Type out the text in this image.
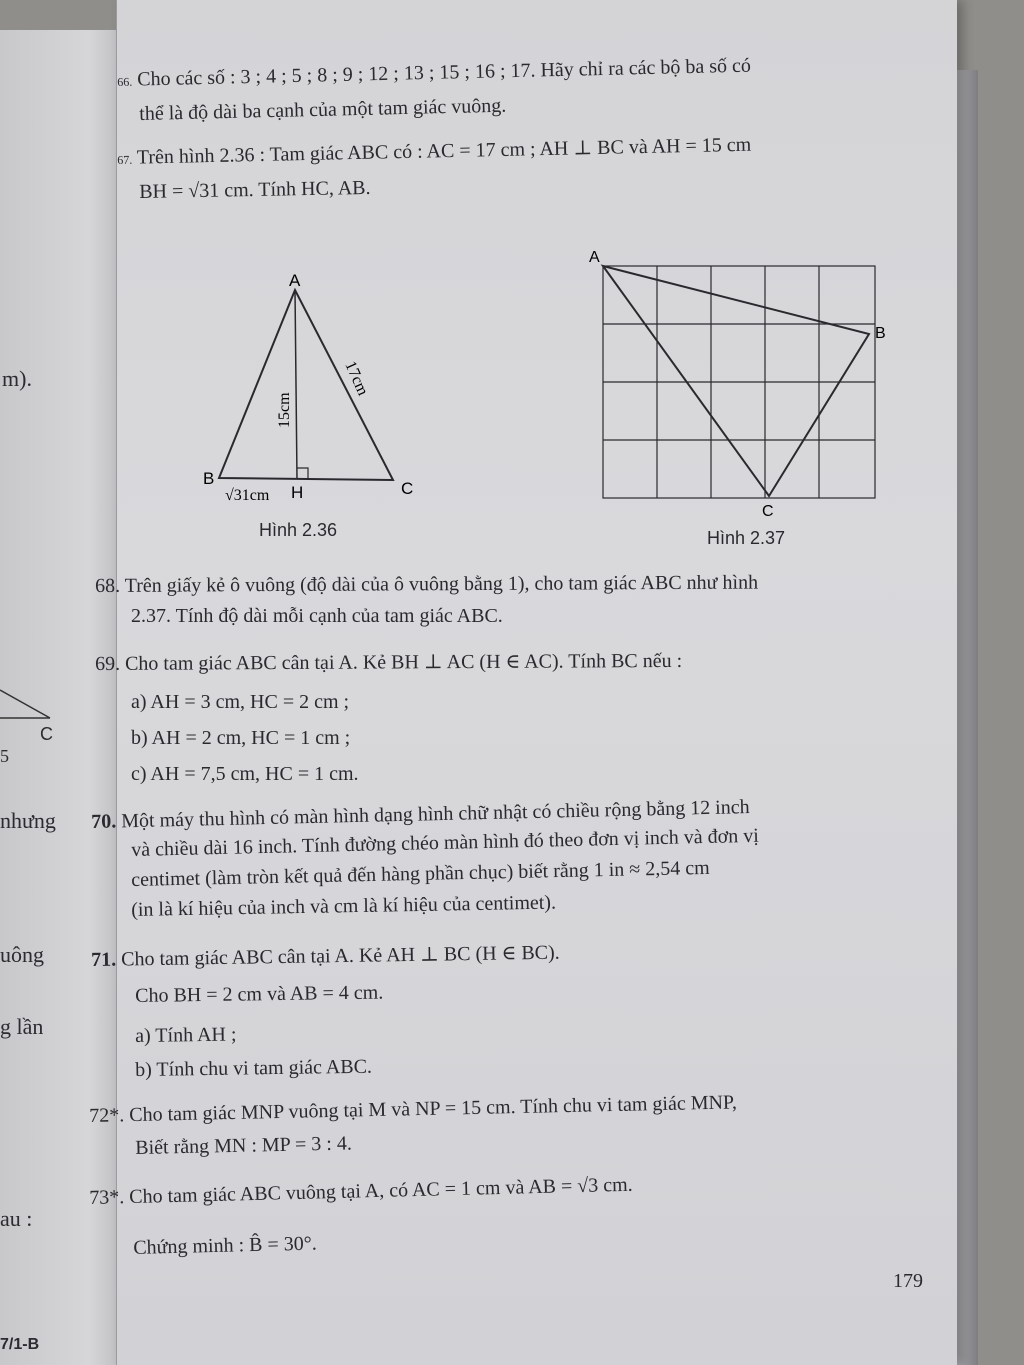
m).
C
5
nhưng
uông
g lần
au :
7/1-B
66. Cho các số : 3 ; 4 ; 5 ; 8 ; 9 ; 12 ; 13 ; 15 ; 16 ; 17. Hãy chỉ ra các bộ ba số có
thể là độ dài ba cạnh của một tam giác vuông.
67. Trên hình 2.36 : Tam giác ABC có : AC = 17 cm ; AH ⊥ BC và AH = 15 cm
BH = √31 cm. Tính HC, AB.
A
B
C
H
15cm
17cm
√31cm
Hình 2.36
A
B
C
Hình 2.37
68. Trên giấy kẻ ô vuông (độ dài của ô vuông bằng 1), cho tam giác ABC như hình
2.37. Tính độ dài mỗi cạnh của tam giác ABC.
69. Cho tam giác ABC cân tại A. Kẻ BH ⊥ AC (H ∈ AC). Tính BC nếu :
a) AH = 3 cm, HC = 2 cm ;
b) AH = 2 cm, HC = 1 cm ;
c) AH = 7,5 cm, HC = 1 cm.
70. Một máy thu hình có màn hình dạng hình chữ nhật có chiều rộng bằng 12 inch
và chiều dài 16 inch. Tính đường chéo màn hình đó theo đơn vị inch và đơn vị
centimet (làm tròn kết quả đến hàng phần chục) biết rằng 1 in ≈ 2,54 cm
(in là kí hiệu của inch và cm là kí hiệu của centimet).
71. Cho tam giác ABC cân tại A. Kẻ AH ⊥ BC (H ∈ BC).
Cho BH = 2 cm và AB = 4 cm.
a) Tính AH ;
b) Tính chu vi tam giác ABC.
72*. Cho tam giác MNP vuông tại M và NP = 15 cm. Tính chu vi tam giác MNP,
Biết rằng MN : MP = 3 : 4.
73*. Cho tam giác ABC vuông tại A, có AC = 1 cm và AB = √3 cm.
Chứng minh : B̂ = 30°.
179
